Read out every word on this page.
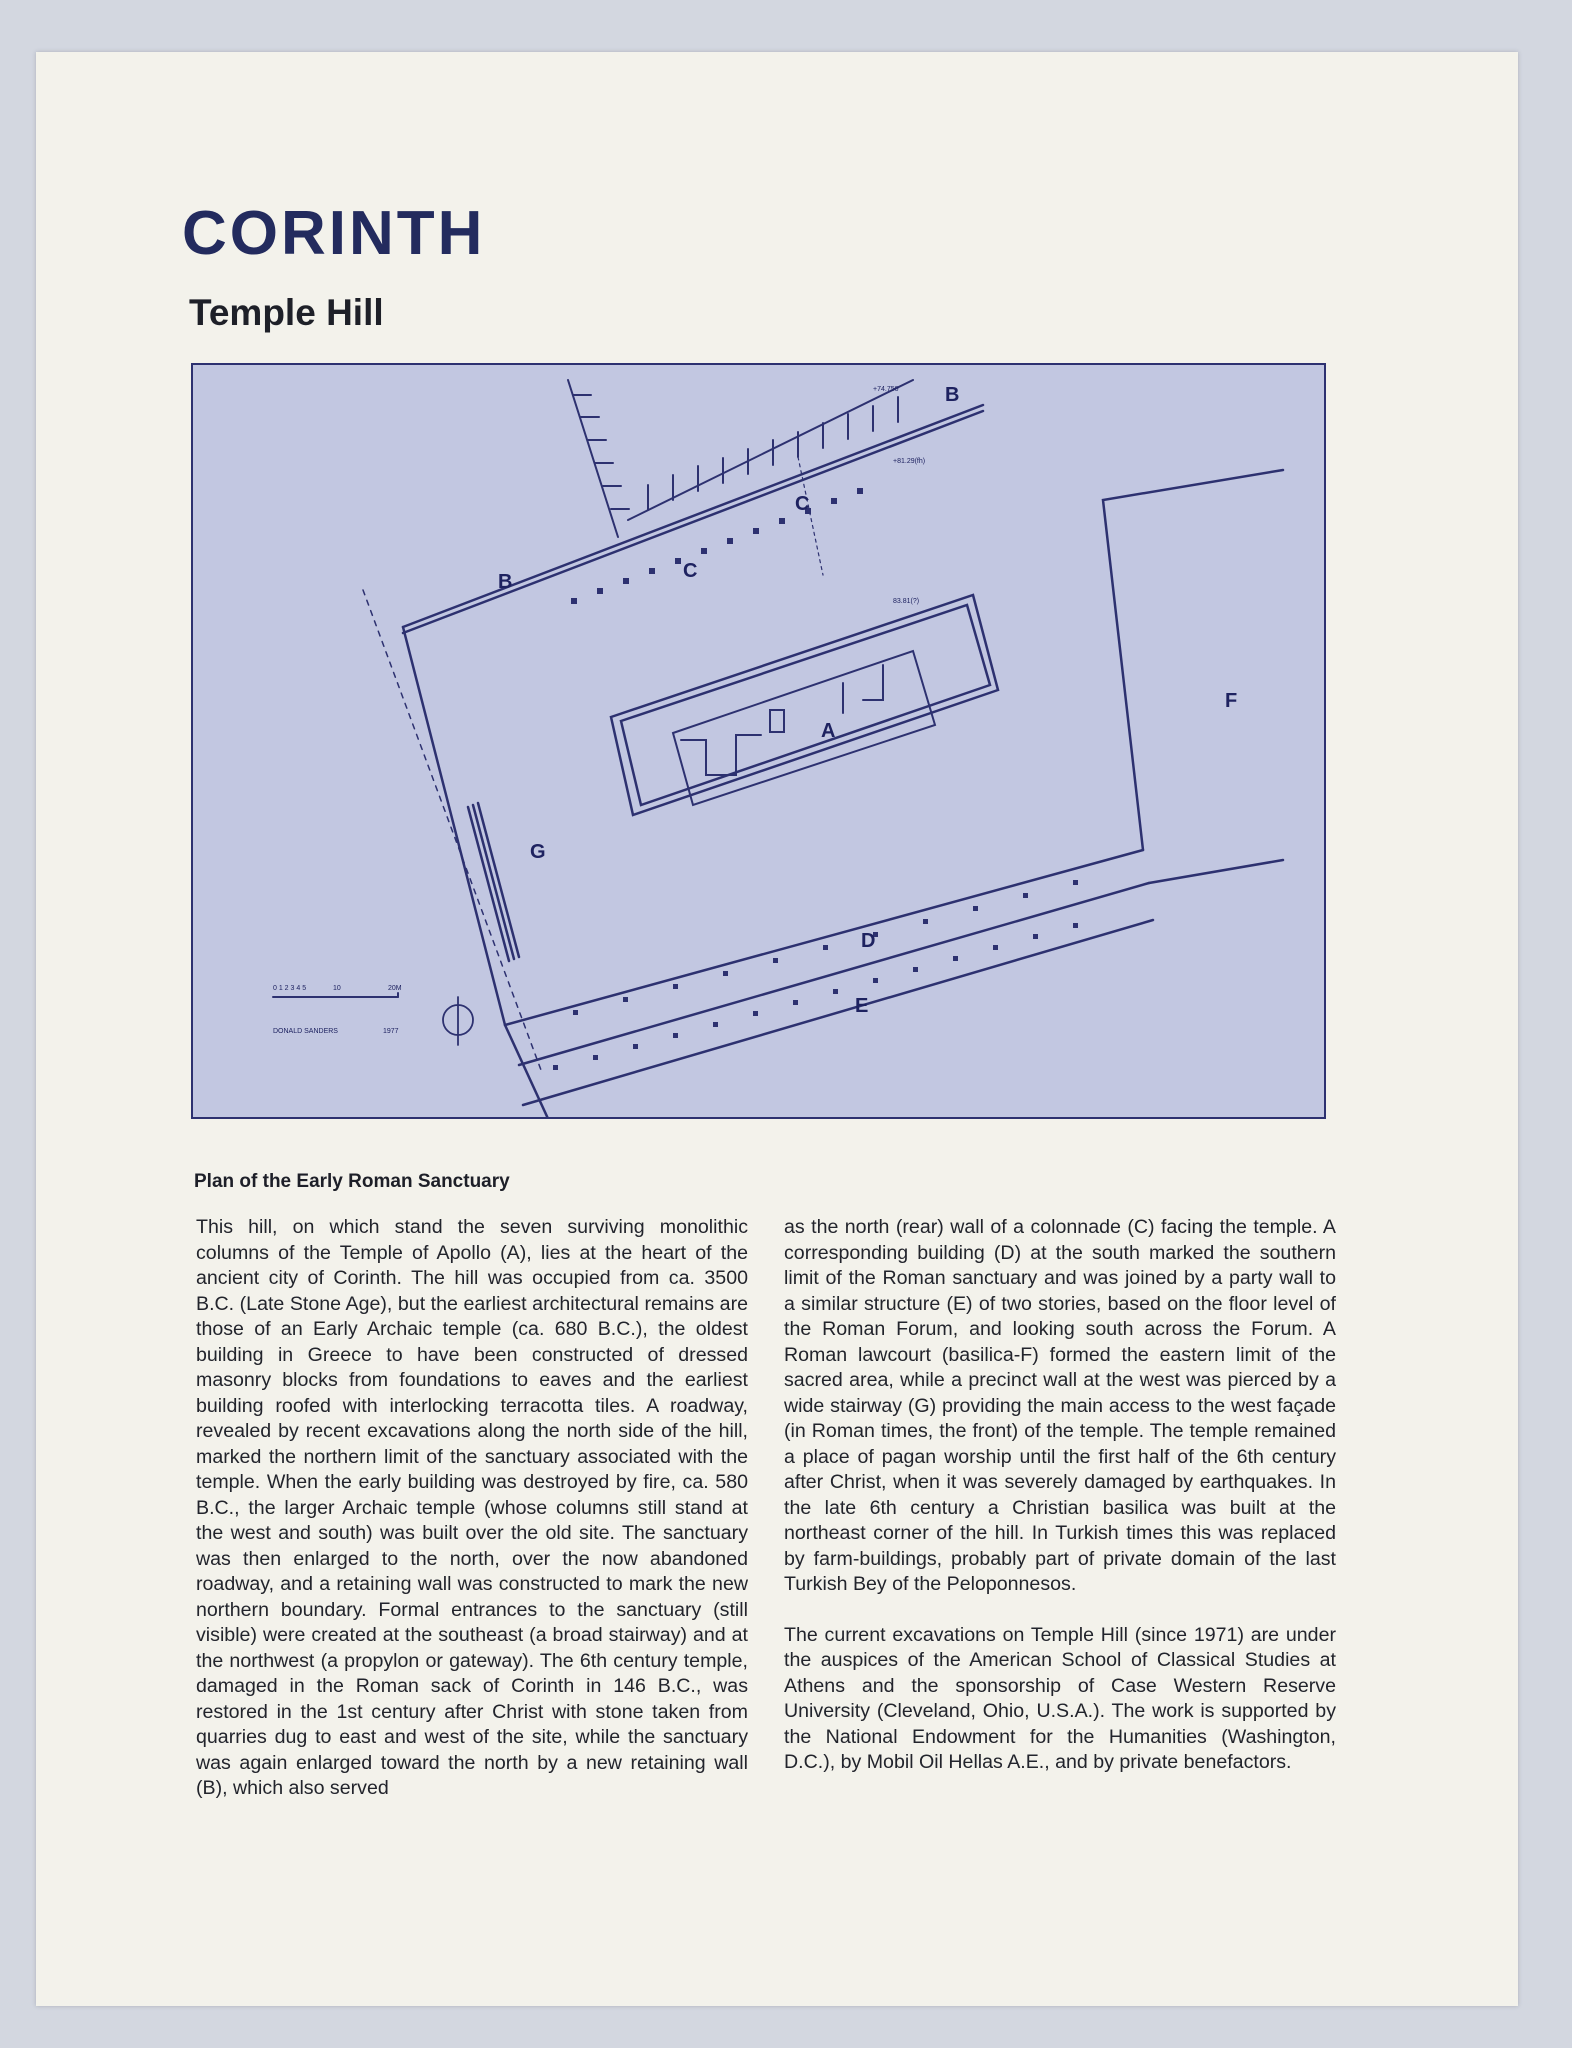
CORINTH
Temple Hill
B
C
C
B
A
F
G
D
E
+74.750
+81.29(fh)
83.81(?)
0 1 2 3 4 5	10	20M
DONALD SANDERS	1977

Plan of the Early Roman Sanctuary

This hill, on which stand the seven surviving monolithic columns of the Temple of Apollo (A), lies at the heart of the ancient city of Corinth. The hill was occupied from ca. 3500 B.C. (Late Stone Age), but the earliest architectural remains are those of an Early Archaic temple (ca. 680 B.C.), the oldest building in Greece to have been constructed of dressed masonry blocks from foundations to eaves and the earliest building roofed with interlocking terracotta tiles. A roadway, revealed by recent excavations along the north side of the hill, marked the northern limit of the sanctuary associated with the temple. When the early building was destroyed by fire, ca. 580 B.C., the larger Archaic temple (whose columns still stand at the west and south) was built over the old site. The sanctuary was then enlarged to the north, over the now abandoned roadway, and a retaining wall was constructed to mark the new northern boundary. Formal entrances to the sanctuary (still visible) were created at the southeast (a broad stairway) and at the northwest (a propylon or gateway). The 6th century temple, damaged in the Roman sack of Corinth in 146 B.C., was restored in the 1st century after Christ with stone taken from quarries dug to east and west of the site, while the sanctuary was again enlarged toward the north by a new retaining wall (B), which also served

as the north (rear) wall of a colonnade (C) facing the temple. A corresponding building (D) at the south marked the southern limit of the Roman sanctuary and was joined by a party wall to a similar structure (E) of two stories, based on the floor level of the Roman Forum, and looking south across the Forum. A Roman lawcourt (basilica-F) formed the eastern limit of the sacred area, while a precinct wall at the west was pierced by a wide stairway (G) providing the main access to the west façade (in Roman times, the front) of the temple. The temple remained a place of pagan worship until the first half of the 6th century after Christ, when it was severely damaged by earthquakes. In the late 6th century a Christian basilica was built at the northeast corner of the hill. In Turkish times this was replaced by farm-buildings, probably part of private domain of the last Turkish Bey of the Peloponnesos.

The current excavations on Temple Hill (since 1971) are under the auspices of the American School of Classical Studies at Athens and the sponsorship of Case Western Reserve University (Cleveland, Ohio, U.S.A.). The work is supported by the National Endowment for the Humanities (Washington, D.C.), by Mobil Oil Hellas A.E., and by private benefactors.
